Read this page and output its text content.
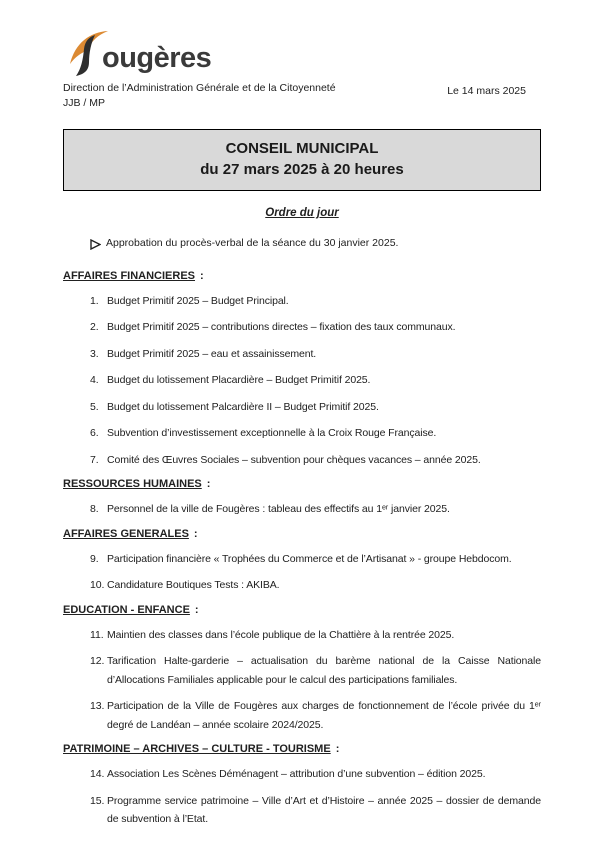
ougères
Direction de l’Administration Générale et de la Citoyenneté
JJB / MP
Le 14 mars 2025
CONSEIL MUNICIPAL
du 27 mars 2025 à 20 heures
Ordre du jour
Approbation du procès-verbal de la séance du 30 janvier 2025.
AFFAIRES FINANCIERES :
1. Budget Primitif 2025 – Budget Principal.
2. Budget Primitif 2025 – contributions directes – fixation des taux communaux.
3. Budget Primitif 2025 – eau et assainissement.
4. Budget du lotissement Placardière – Budget Primitif 2025.
5. Budget du lotissement Palcardière II – Budget Primitif 2025.
6. Subvention d’investissement exceptionnelle à la Croix Rouge Française.
7. Comité des Œuvres Sociales – subvention pour chèques vacances – année 2025.
RESSOURCES HUMAINES :
8. Personnel de la ville de Fougères : tableau des effectifs au 1ᵉʳ janvier 2025.
AFFAIRES GENERALES :
9. Participation financière « Trophées du Commerce et de l’Artisanat » - groupe Hebdocom.
10. Candidature Boutiques Tests : AKIBA.
EDUCATION - ENFANCE :
11. Maintien des classes dans l’école publique de la Chattière à la rentrée 2025.
12. Tarification Halte-garderie – actualisation du barème national de la Caisse Nationale d’Allocations Familiales applicable pour le calcul des participations familiales.
13. Participation de la Ville de Fougères aux charges de fonctionnement de l’école privée du 1ᵉʳ degré de Landéan – année scolaire 2024/2025.
PATRIMOINE – ARCHIVES – CULTURE - TOURISME :
14. Association Les Scènes Déménagent – attribution d’une subvention – édition 2025.
15. Programme service patrimoine – Ville d’Art et d’Histoire – année 2025 – dossier de demande de subvention à l’Etat.
